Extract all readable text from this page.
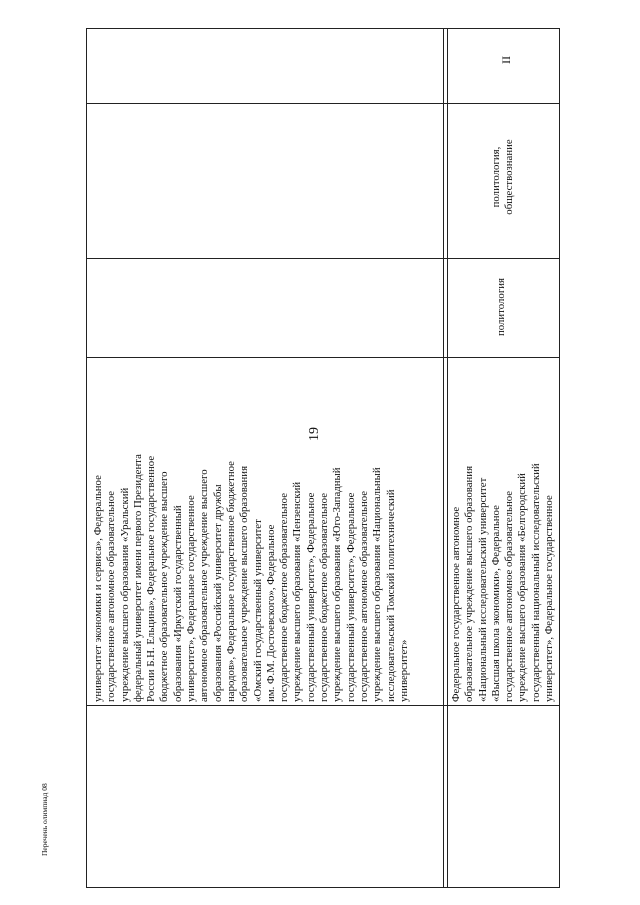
19
Перечень олимпиад 08
университет экономики и сервиса», Федеральное государственное автономное образовательное учреждение высшего образования «Уральский федеральный университет имени первого Президента России Б.Н. Ельцина», Федеральное государственное бюджетное образовательное учреждение высшего образования «Иркутский государственный университет», Федеральное государственное автономное образовательное учреждение высшего образования «Российский университет дружбы народов», Федеральное государственное бюджетное образовательное учреждение высшего образования «Омский государственный университет им. Ф.М. Достоевского», Федеральное государственное бюджетное образовательное учреждение высшего образования «Пензенский государственный университет», Федеральное государственное бюджетное образовательное учреждение высшего образования «Юго-Западный государственный университет», Федеральное государственное автономное образовательное учреждение высшего образования «Национальный исследовательский Томский политехнический университет»	Федеральное государственное автономное образовательное учреждение высшего образования «Национальный исследовательский университет «Высшая школа экономики», Федеральное государственное автономное образовательное учреждение высшего образования «Белгородский государственный национальный исследовательский университет», Федеральное государственное
политология
политология, обществознание
II
